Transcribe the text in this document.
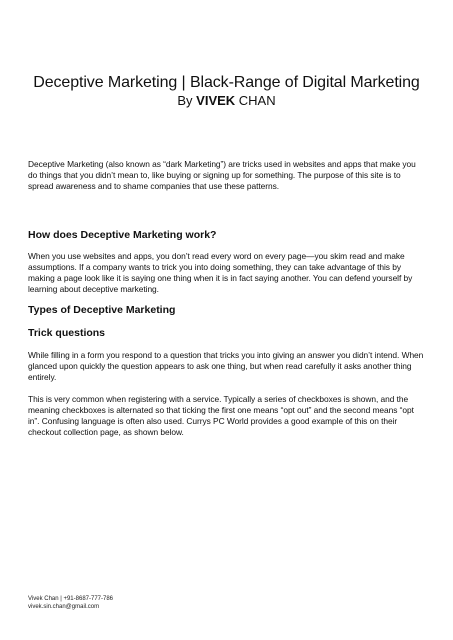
Deceptive Marketing | Black-Range of Digital Marketing
By VIVEK CHAN

Deceptive Marketing (also known as “dark Marketing”) are tricks used in websites and apps that make you do things that you didn’t mean to, like buying or signing up for something. The purpose of this site is to spread awareness and to shame companies that use these patterns.

How does Deceptive Marketing work?

When you use websites and apps, you don’t read every word on every page—you skim read and make assumptions. If a company wants to trick you into doing something, they can take advantage of this by making a page look like it is saying one thing when it is in fact saying another. You can defend yourself by learning about deceptive marketing.

Types of Deceptive Marketing
Trick questions

While filling in a form you respond to a question that tricks you into giving an answer you didn’t intend. When glanced upon quickly the question appears to ask one thing, but when read carefully it asks another thing entirely.

This is very common when registering with a service. Typically a series of checkboxes is shown, and the meaning checkboxes is alternated so that ticking the first one means “opt out” and the second means “opt in”. Confusing language is often also used. Currys PC World provides a good example of this on their checkout collection page, as shown below.

Vivek Chan | +91-8687-777-786
vivek.sin.chan@gmail.com
